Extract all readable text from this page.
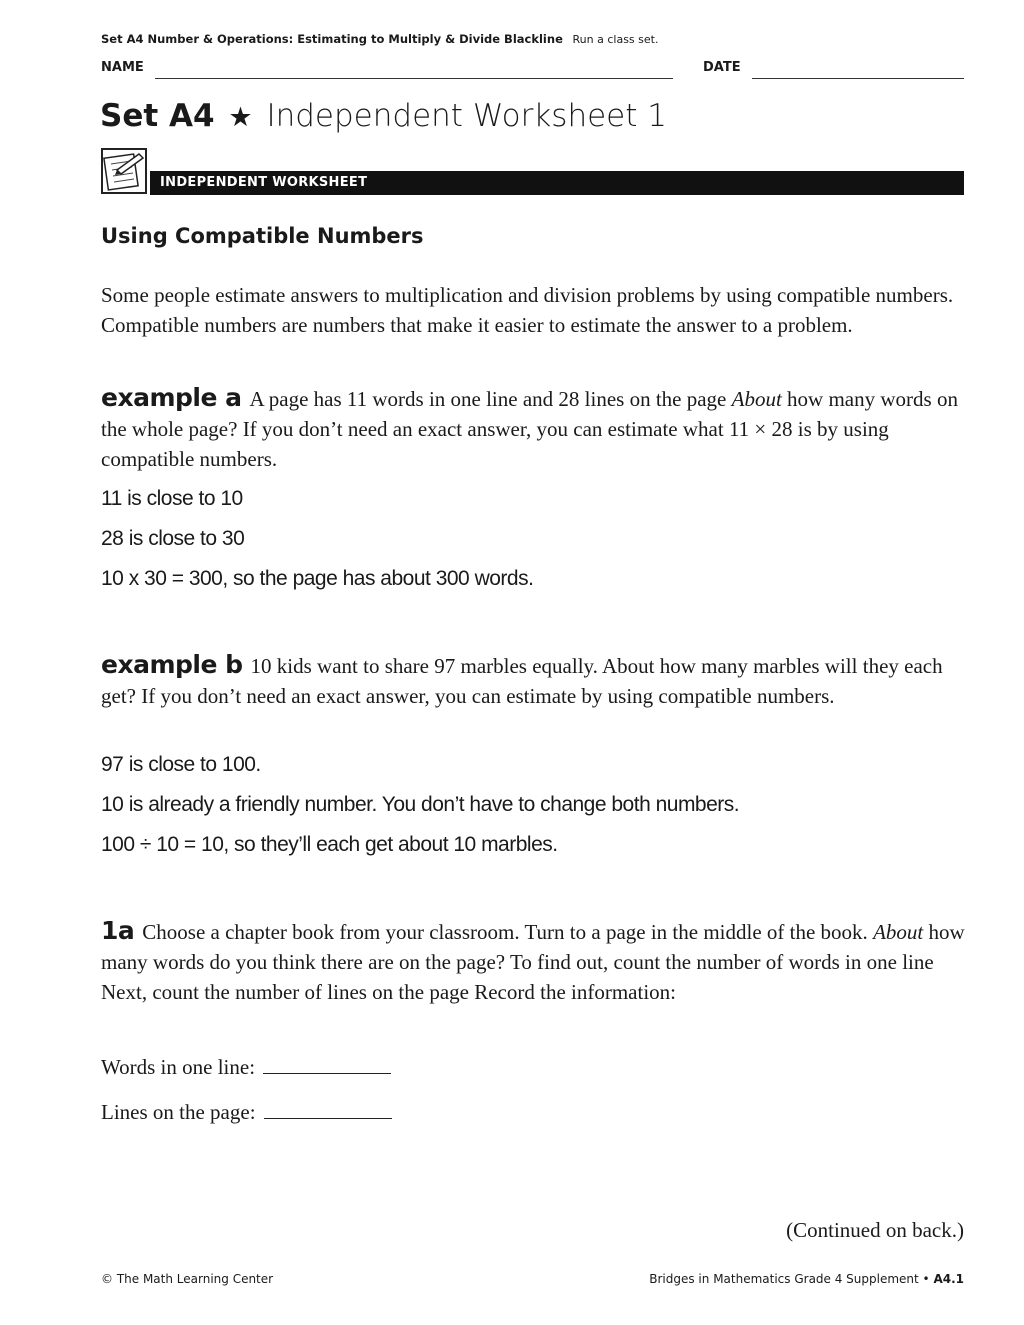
Set A4 Number & Operations: Estimating to Multiply & Divide Blackline Run a class set.
NAME	DATE
Set A4 ★ Independent Worksheet 1
INDEPENDENT WORKSHEET
Using Compatible Numbers
Some people estimate answers to multiplication and division problems by using compatible numbers. Compatible numbers are numbers that make it easier to estimate the answer to a problem.
example a A page has 11 words in one line and 28 lines on the page About how many words on the whole page? If you don’t need an exact answer, you can estimate what 11 × 28 is by using compatible numbers.
11 is close to 10
28 is close to 30
10 x 30 = 300, so the page has about 300 words.
example b 10 kids want to share 97 marbles equally. About how many marbles will they each get? If you don’t need an exact answer, you can estimate by using compatible numbers.
97 is close to 100.
10 is already a friendly number. You don’t have to change both numbers.
100 ÷ 10 = 10, so they’ll each get about 10 marbles.
1a Choose a chapter book from your classroom. Turn to a page in the middle of the book. About how many words do you think there are on the page? To find out, count the number of words in one line Next, count the number of lines on the page Record the information:
Words in one line:
Lines on the page:
(Continued on back.)
© The Math Learning Center	Bridges in Mathematics Grade 4 Supplement • A4.1
